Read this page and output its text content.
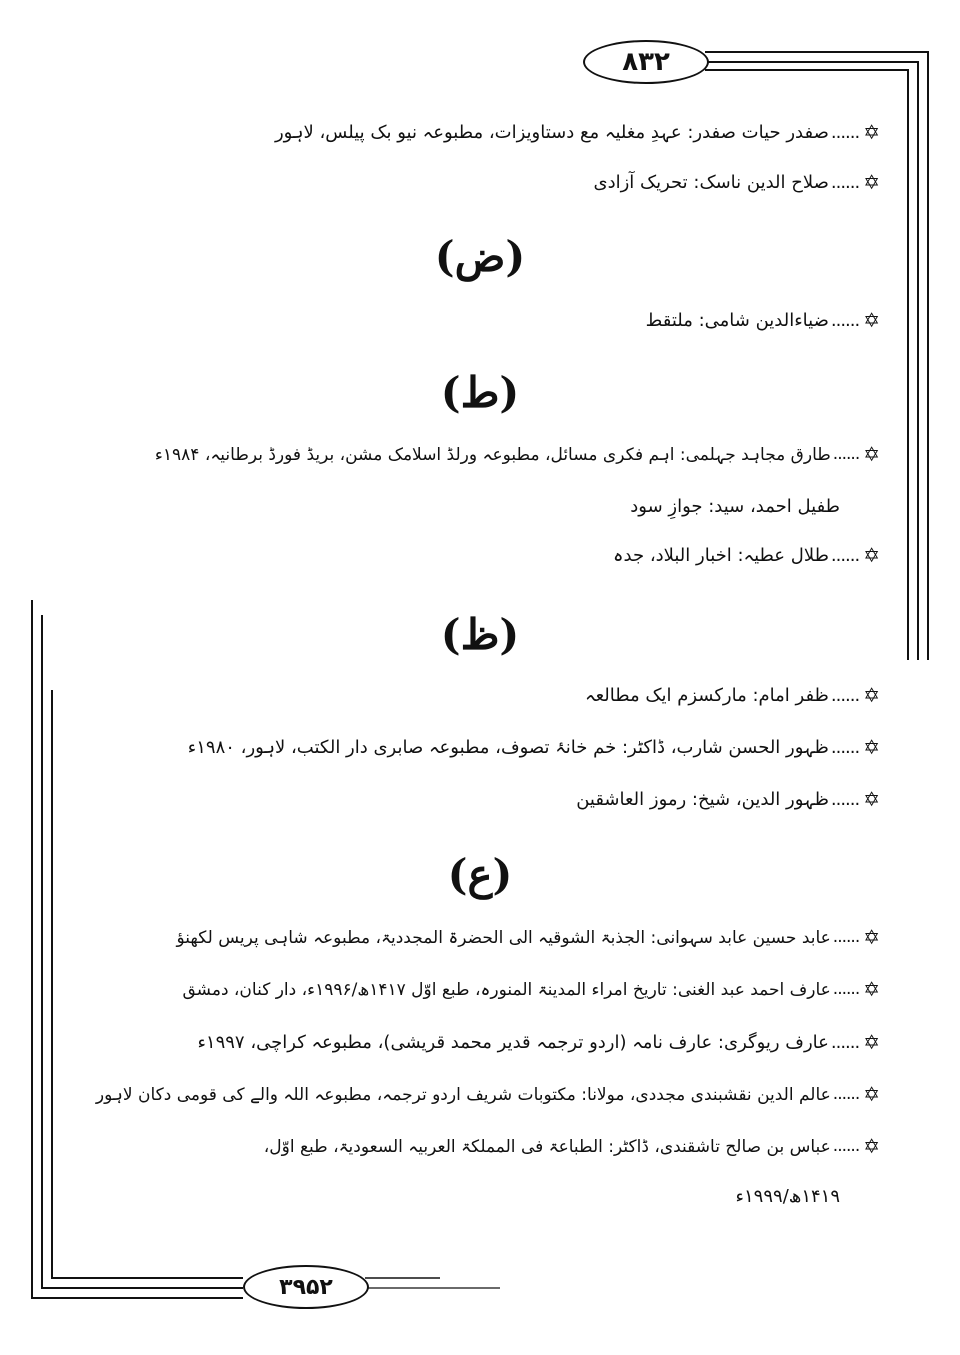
۸۳۲
۳۹۵۲
✡
......
صفدر حیات صفدر: عہدِ مغلیہ مع دستاویزات، مطبوعہ نیو بک پیلس، لاہور
✡
......
صلاح الدین ناسک: تحریک آزادی
(ض)
✡
......
ضیاءالدین شامی: ملتقط
(ط)
✡
......
طارق مجاہد جہلمی: اہم فکری مسائل، مطبوعہ ورلڈ اسلامک مشن، بریڈ فورڈ برطانیہ، ۱۹۸۴ء
طفیل احمد، سید: جوازِ سود
✡
......
طلال عطیہ: اخبار البلاد، جدہ
(ظ)
✡
......
ظفر امام: مارکسزم ایک مطالعہ
✡
......
ظہور الحسن شارب، ڈاکٹر: خم خانۂ تصوف، مطبوعہ صابری دار الکتب، لاہور، ۱۹۸۰ء
✡
......
ظہور الدین، شیخ: رموز العاشقین
(ع)
✡
......
عابد حسین عابد سہوانی: الجذبۃ الشوقیہ الی الحضرۃ المجددیۃ، مطبوعہ شاہی پریس لکھنؤ
✡
......
عارف احمد عبد الغنی: تاریخ امراء المدینۃ المنورہ، طبع اوّل ۱۴۱۷ھ/۱۹۹۶ء، دار کنان، دمشق
✡
......
عارف ریوگری: عارف نامہ (اردو ترجمہ قدیر محمد قریشی)، مطبوعہ کراچی، ۱۹۹۷ء
✡
......
عالم الدین نقشبندی مجددی، مولانا: مکتوبات شریف اردو ترجمہ، مطبوعہ اللہ والے کی قومی دکان لاہور
✡
......
عباس بن صالح تاشقندی، ڈاکٹر: الطباعۃ فی المملکۃ العربیہ السعودیۃ، طبع اوّل،
۱۴۱۹ھ/۱۹۹۹ء
